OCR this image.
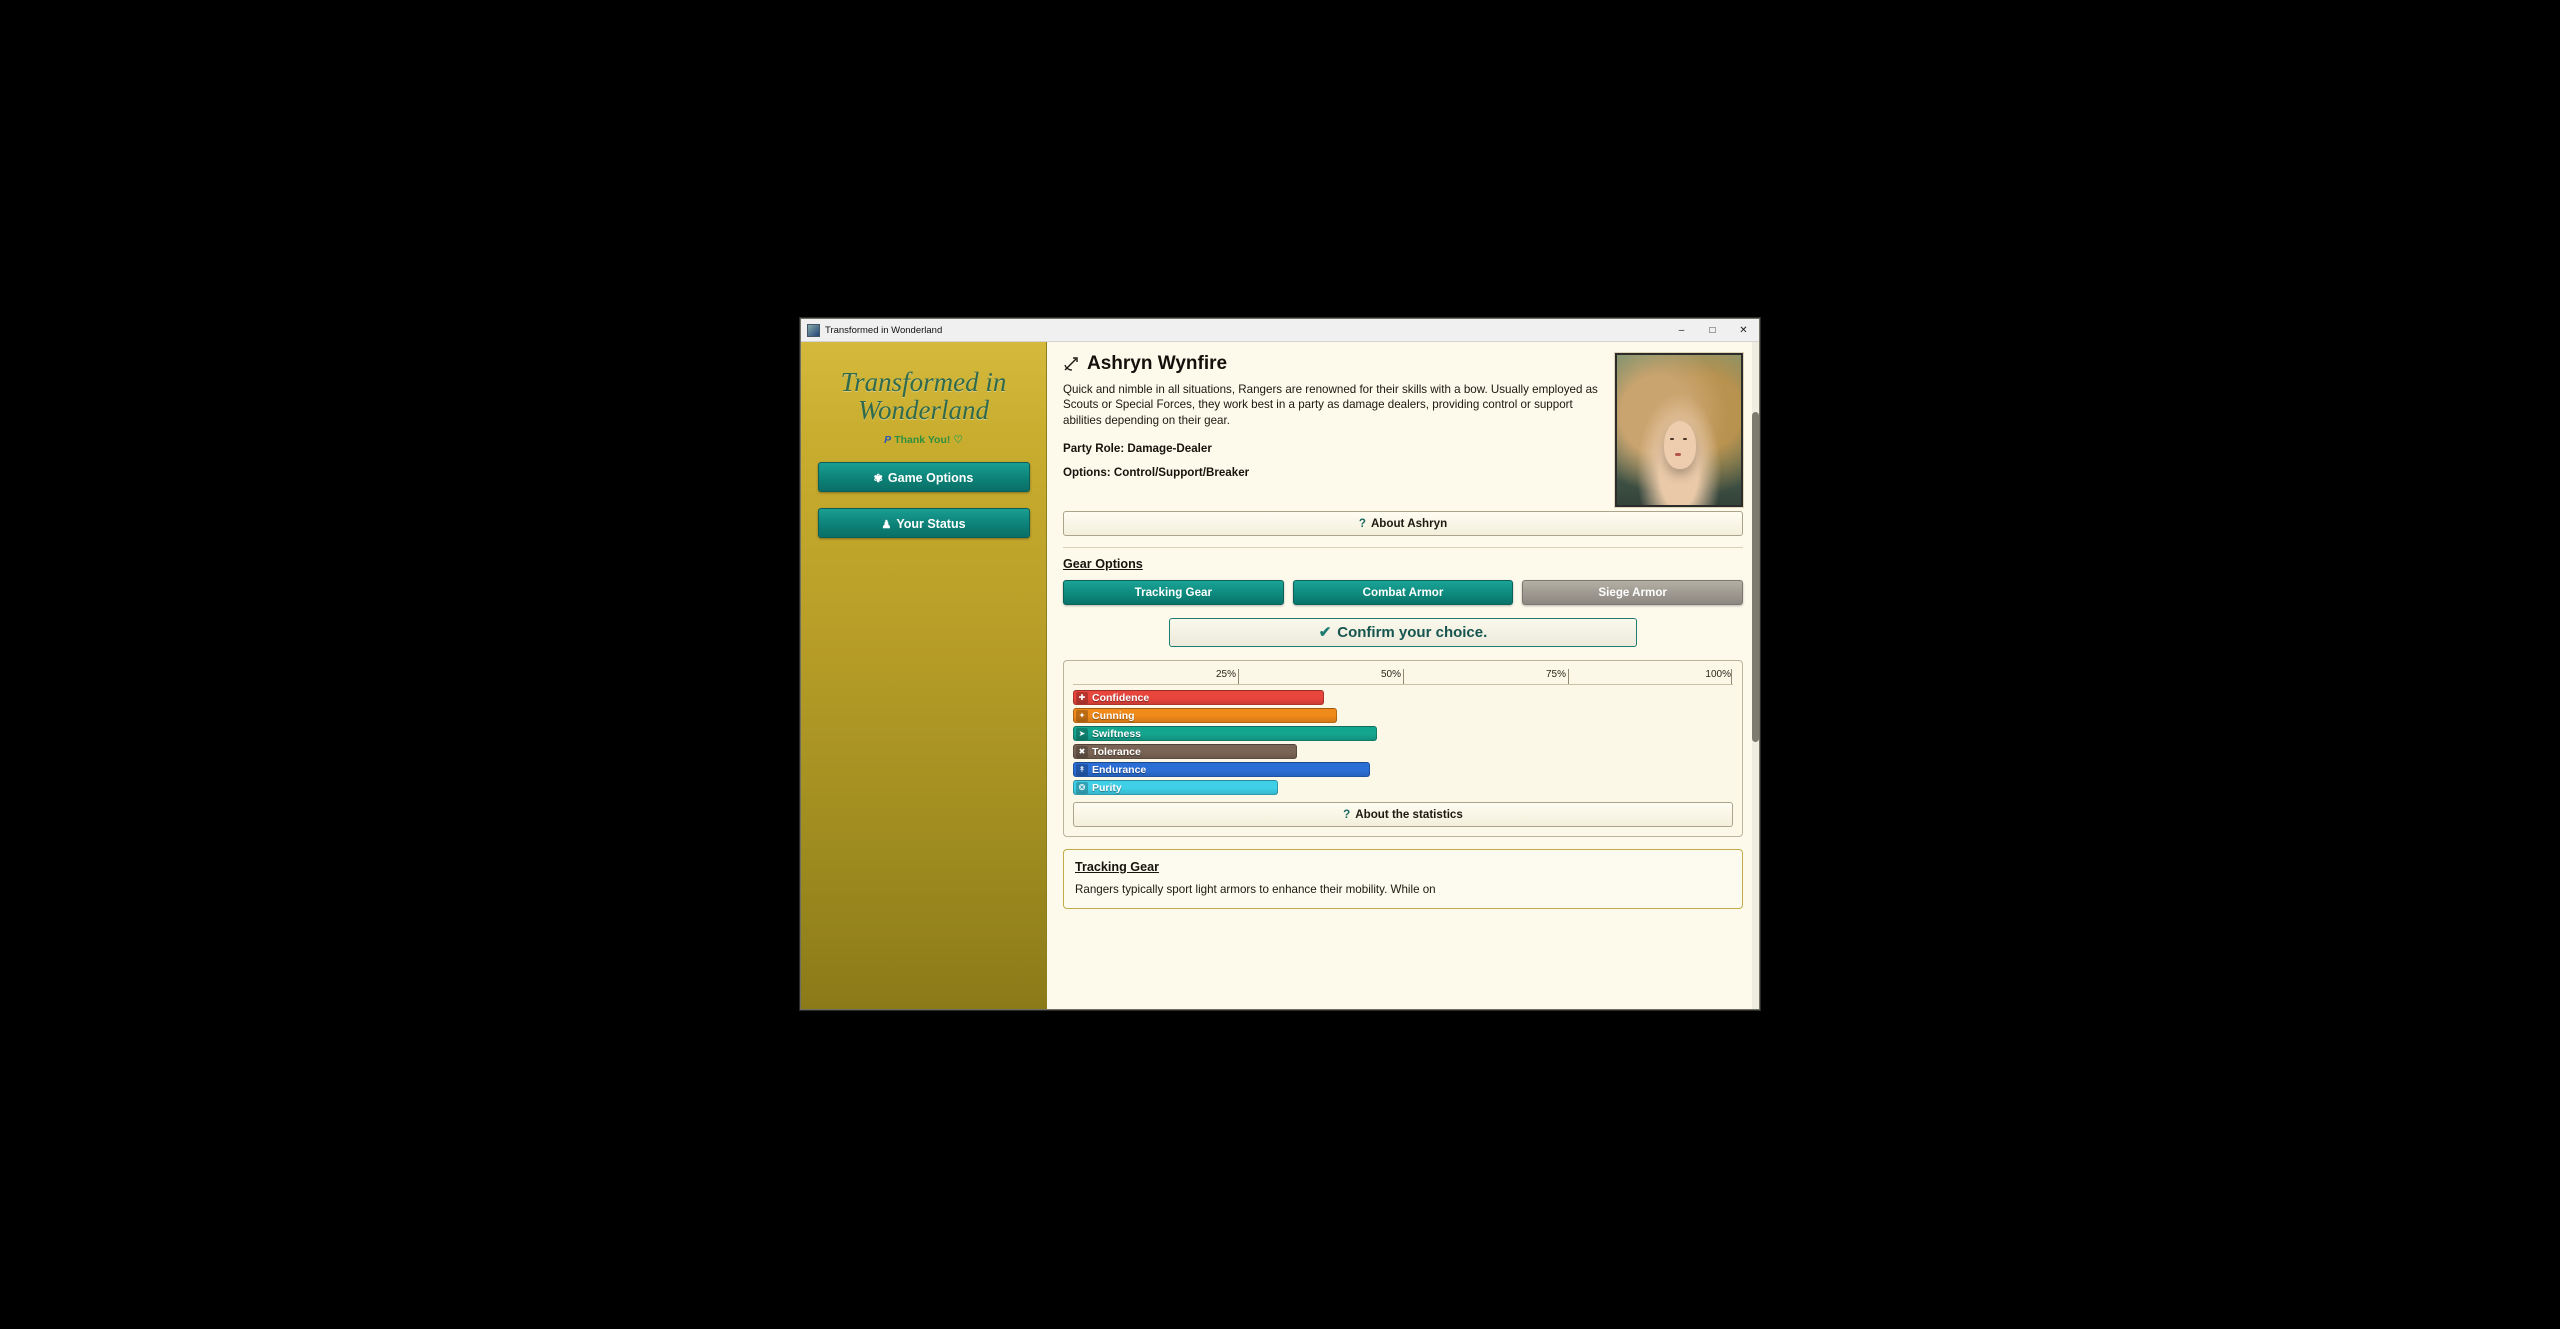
Transformed in Wonderland	–	□	✕
Transformed in
Wonderland
P Thank You! ♡
✾ Game Options
♟ Your Status
Ashryn Wynfire

Quick and nimble in all situations, Rangers are renowned for their skills with a bow. Usually employed as Scouts or Special Forces, they work best in a party as damage dealers, providing control or support abilities depending on their gear.

Party Role: Damage-Dealer
Options: Control/Support/Breaker
? About Ashryn
Gear Options
Tracking Gear	Combat Armor	Siege Armor
✔ Confirm your choice.
25%	50%	75%	100%
✚ Confidence
✦ Cunning
➤ Swiftness
✖ Tolerance
↟ Endurance
❂ Purity
? About the statistics
Tracking Gear

Rangers typically sport light armors to enhance their mobility. While on
